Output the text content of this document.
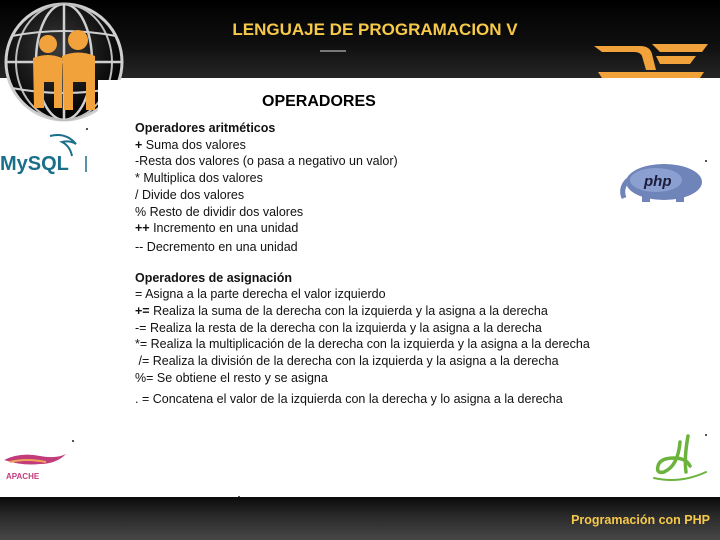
LENGUAJE DE PROGRAMACION V
MySQL
php
APACHE
OPERADORES
Operadores aritméticos
+ Suma dos valores
-Resta dos valores (o pasa a negativo un valor)
* Multiplica dos valores
/ Divide dos valores
% Resto de dividir dos valores
++ Incremento en una unidad
-- Decremento en una unidad
Operadores de asignación
= Asigna a la parte derecha el valor izquierdo
+= Realiza la suma de la derecha con la izquierda y la asigna a la derecha
-= Realiza la resta de la derecha con la izquierda y la asigna a la derecha
*= Realiza la multiplicación de la derecha con la izquierda y la asigna a la derecha
/= Realiza la división de la derecha con la izquierda y la asigna a la derecha
%= Se obtiene el resto y se asigna
. = Concatena el valor de la izquierda con la derecha y lo asigna a la derecha
Programación con PHP
